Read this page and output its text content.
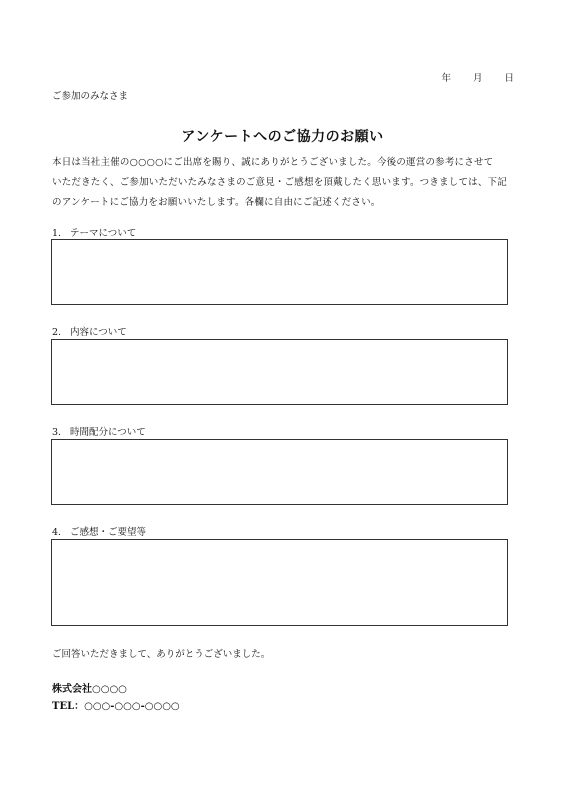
年 月 日
ご参加のみなさま
アンケートへのご協力のお願い
本日は当社主催の○○○○にご出席を賜り、誠にありがとうございました。今後の運営の参考にさせて
いただきたく、ご参加いただいたみなさまのご意見・ご感想を頂戴したく思います。つきましては、下記
のアンケートにご協力をお願いいたします。各欄に自由にご記述ください。
1. テーマについて
2. 内容について
3. 時間配分について
4. ご感想・ご要望等
ご回答いただきまして、ありがとうございました。
株式会社○○○○
TEL：○○○-○○○-○○○○
